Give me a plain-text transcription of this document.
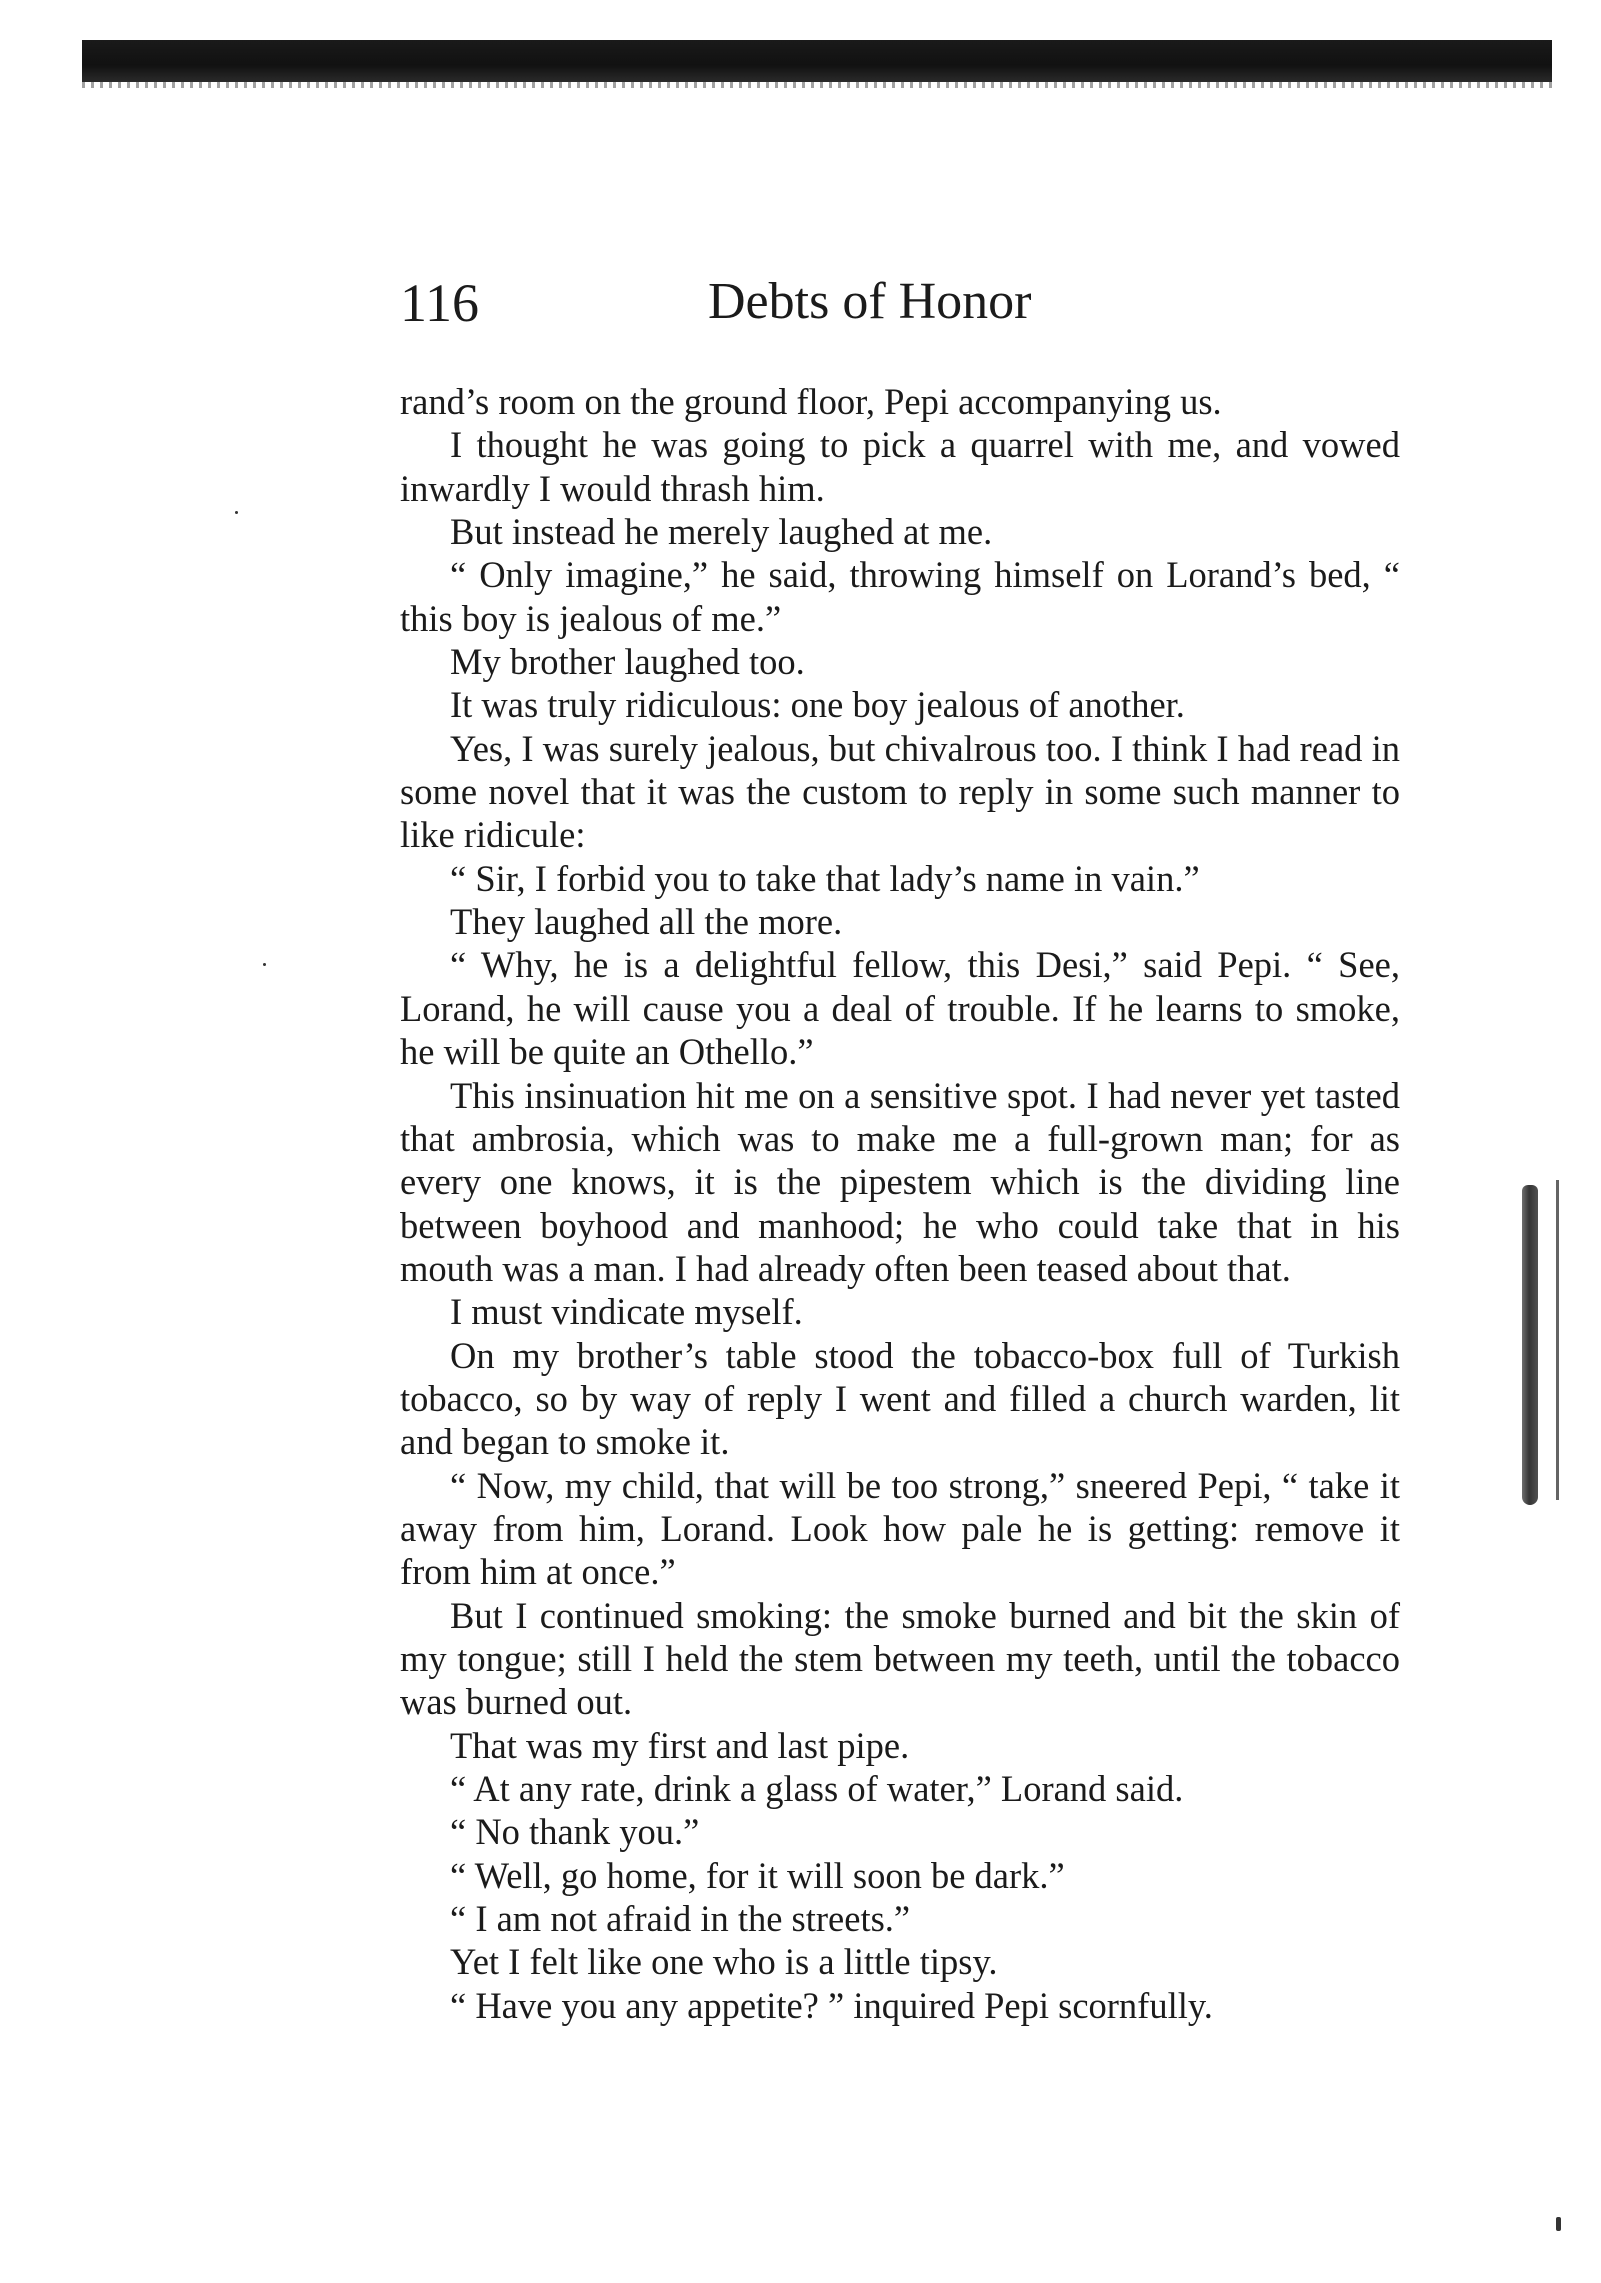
116	Debts of Honor

rand’s room on the ground floor, Pepi accompanying us.

I thought he was going to pick a quarrel with me, and vowed inwardly I would thrash him.

But instead he merely laughed at me.

“ Only imagine,” he said, throwing himself on Lorand’s bed, “ this boy is jealous of me.”

My brother laughed too.

It was truly ridiculous: one boy jealous of another.

Yes, I was surely jealous, but chivalrous too. I think I had read in some novel that it was the custom to reply in some such manner to like ridicule:

“ Sir, I forbid you to take that lady’s name in vain.”

They laughed all the more.

“ Why, he is a delightful fellow, this Desi,” said Pepi. “ See, Lorand, he will cause you a deal of trouble. If he learns to smoke, he will be quite an Othello.”

This insinuation hit me on a sensitive spot. I had never yet tasted that ambrosia, which was to make me a full-grown man; for as every one knows, it is the pipestem which is the dividing line between boyhood and manhood; he who could take that in his mouth was a man. I had already often been teased about that.

I must vindicate myself.

On my brother’s table stood the tobacco-box full of Turkish tobacco, so by way of reply I went and filled a church warden, lit and began to smoke it.

“ Now, my child, that will be too strong,” sneered Pepi, “ take it away from him, Lorand. Look how pale he is getting: remove it from him at once.”

But I continued smoking: the smoke burned and bit the skin of my tongue; still I held the stem between my teeth, until the tobacco was burned out.

That was my first and last pipe.

“ At any rate, drink a glass of water,” Lorand said.

“ No thank you.”

“ Well, go home, for it will soon be dark.”

“ I am not afraid in the streets.”

Yet I felt like one who is a little tipsy.

“ Have you any appetite? ” inquired Pepi scornfully.
